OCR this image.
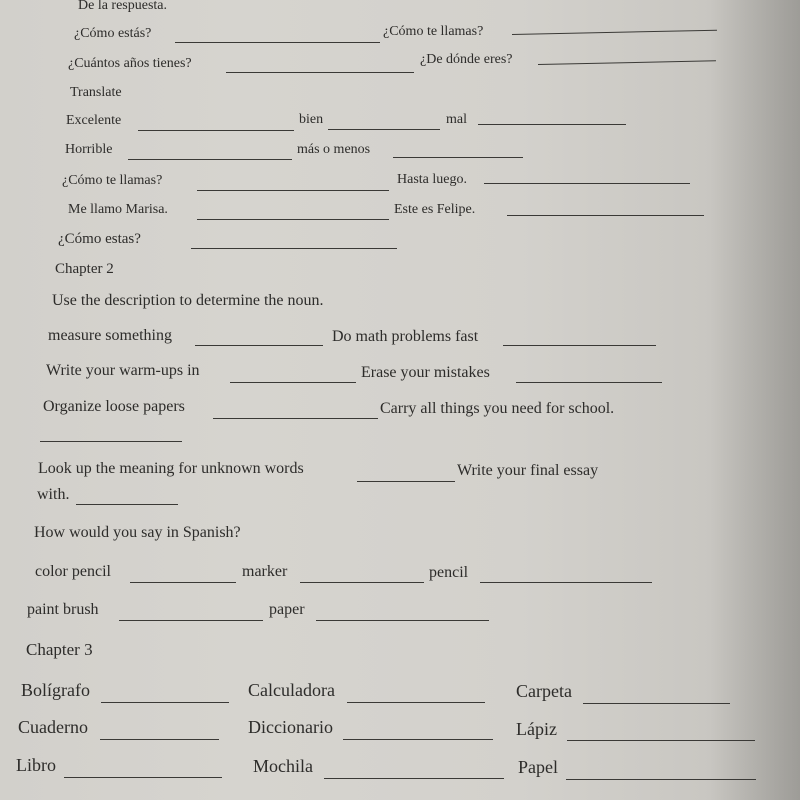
De la respuesta.
¿Cómo estás?	¿Cómo te llamas?
¿Cuántos años tienes?	¿De dónde eres?
Translate
Excelente	bien	mal
Horrible	más o menos
¿Cómo te llamas?	Hasta luego.
Me llamo Marisa.	Este es Felipe.
¿Cómo estas?
Chapter 2
Use the description to determine the noun.
measure something	Do math problems fast
Write your warm-ups in	Erase your mistakes
Organize loose papers	Carry all things you need for school.
Look up the meaning for unknown words	Write your final essay
with.
How would you say in Spanish?
color pencil	marker	pencil
paint brush	paper
Chapter 3
Bolígrafo	Calculadora	Carpeta
Cuaderno	Diccionario	Lápiz
Libro	Mochila	Papel
